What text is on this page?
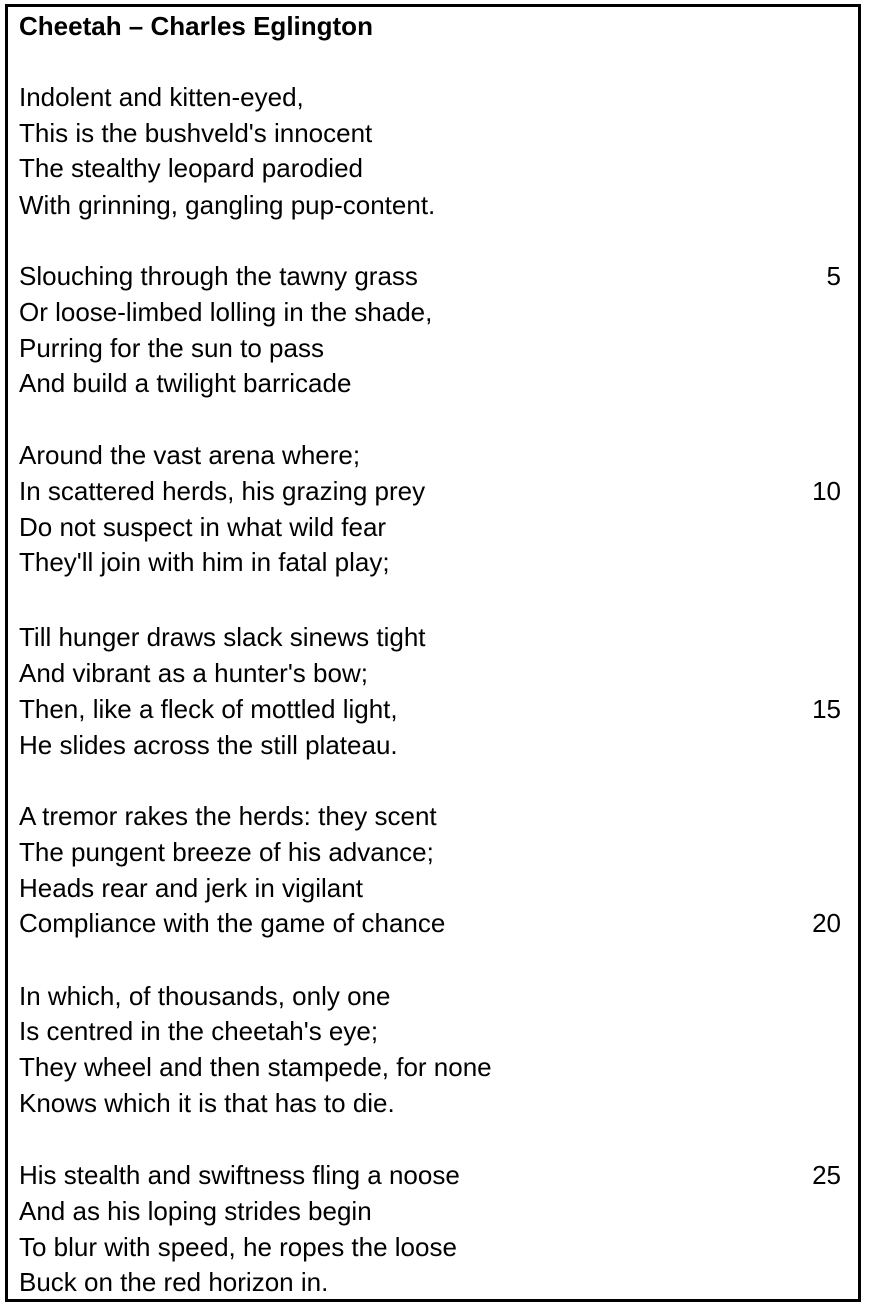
Cheetah – Charles Eglington
Indolent and kitten-eyed,
This is the bushveld's innocent
The stealthy leopard parodied
With grinning, gangling pup-content.
Slouching through the tawny grass	5
Or loose-limbed lolling in the shade,
Purring for the sun to pass
And build a twilight barricade
Around the vast arena where;
In scattered herds, his grazing prey	10
Do not suspect in what wild fear
They'll join with him in fatal play;
Till hunger draws slack sinews tight
And vibrant as a hunter's bow;
Then, like a fleck of mottled light,	15
He slides across the still plateau.
A tremor rakes the herds: they scent
The pungent breeze of his advance;
Heads rear and jerk in vigilant
Compliance with the game of chance	20
In which, of thousands, only one
Is centred in the cheetah's eye;
They wheel and then stampede, for none
Knows which it is that has to die.
His stealth and swiftness fling a noose	25
And as his loping strides begin
To blur with speed, he ropes the loose
Buck on the red horizon in.
